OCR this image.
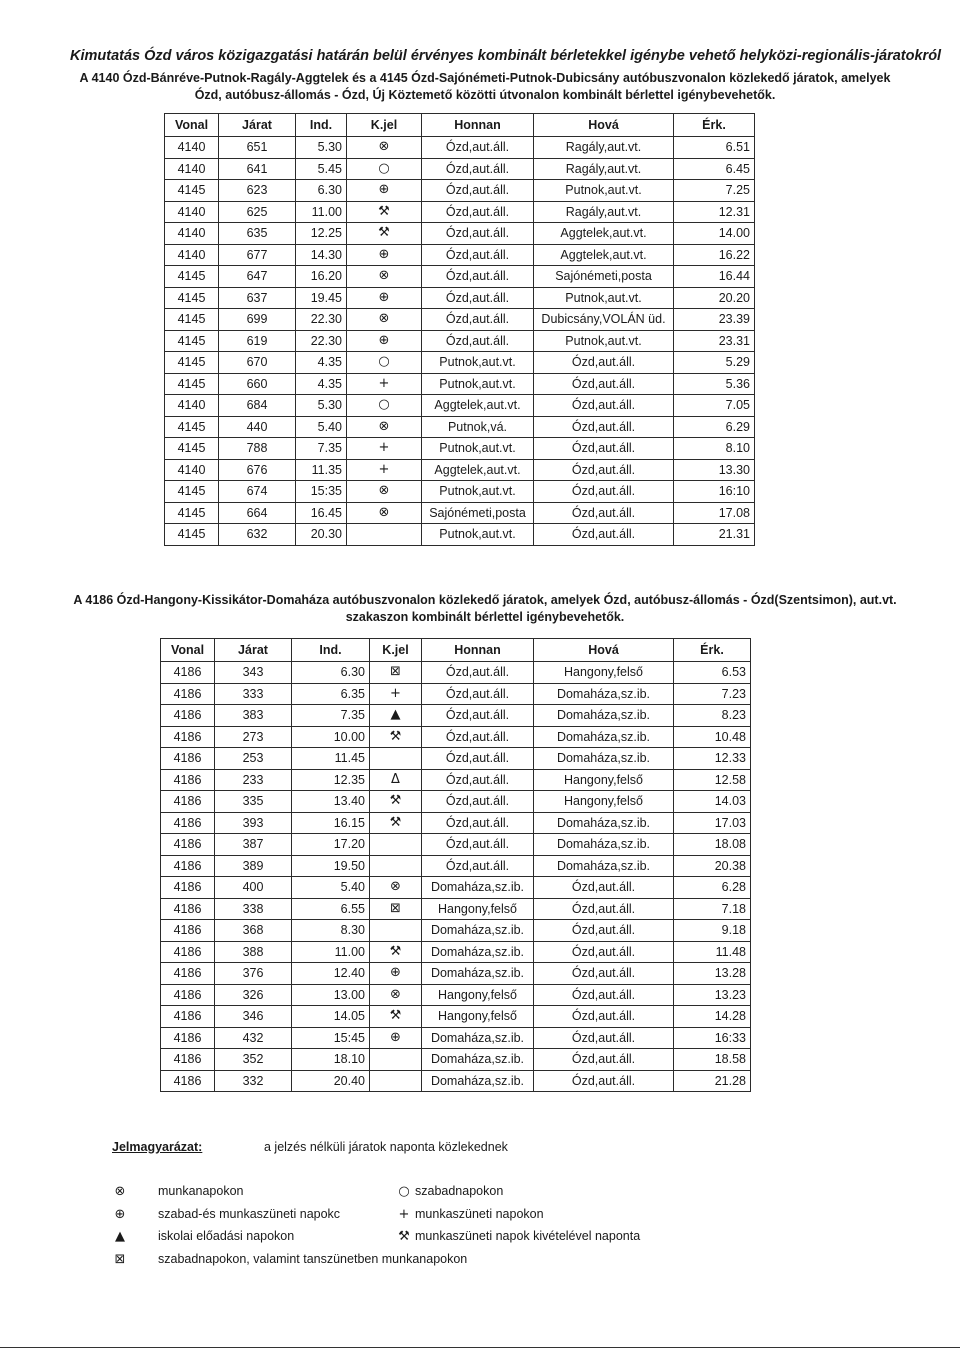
Kimutatás Ózd város közigazgatási határán belül érvényes kombinált bérletekkel igénybe vehető helyközi-regionális-járatokról
A 4140 Ózd-Bánréve-Putnok-Ragály-Aggtelek és a 4145 Ózd-Sajónémeti-Putnok-Dubicsány autóbuszvonalon közlekedő járatok, amelyek Ózd, autóbusz-állomás - Ózd, Új Köztemető közötti útvonalon kombinált bérlettel igénybevehetők.
Vonal	Járat	Ind.	K.jel	Honnan	Hová	Érk.
4140	651	5.30	⊗	Ózd,aut.áll.	Ragály,aut.vt.	6.51
4140	641	5.45	○	Ózd,aut.áll.	Ragály,aut.vt.	6.45
4145	623	6.30	⊕	Ózd,aut.áll.	Putnok,aut.vt.	7.25
4140	625	11.00	⚒	Ózd,aut.áll.	Ragály,aut.vt.	12.31
4140	635	12.25	⚒	Ózd,aut.áll.	Aggtelek,aut.vt.	14.00
4140	677	14.30	⊕	Ózd,aut.áll.	Aggtelek,aut.vt.	16.22
4145	647	16.20	⊗	Ózd,aut.áll.	Sajónémeti,posta	16.44
4145	637	19.45	⊕	Ózd,aut.áll.	Putnok,aut.vt.	20.20
4145	699	22.30	⊗	Ózd,aut.áll.	Dubicsány,VOLÁN üd.	23.39
4145	619	22.30	⊕	Ózd,aut.áll.	Putnok,aut.vt.	23.31
4145	670	4.35	○	Putnok,aut.vt.	Ózd,aut.áll.	5.29
4145	660	4.35	+	Putnok,aut.vt.	Ózd,aut.áll.	5.36
4140	684	5.30	○	Aggtelek,aut.vt.	Ózd,aut.áll.	7.05
4145	440	5.40	⊗	Putnok,vá.	Ózd,aut.áll.	6.29
4145	788	7.35	+	Putnok,aut.vt.	Ózd,aut.áll.	8.10
4140	676	11.35	+	Aggtelek,aut.vt.	Ózd,aut.áll.	13.30
4145	674	15:35	⊗	Putnok,aut.vt.	Ózd,aut.áll.	16:10
4145	664	16.45	⊗	Sajónémeti,posta	Ózd,aut.áll.	17.08
4145	632	20.30		Putnok,aut.vt.	Ózd,aut.áll.	21.31
A 4186 Ózd-Hangony-Kissikátor-Domaháza autóbuszvonalon közlekedő járatok, amelyek Ózd, autóbusz-állomás - Ózd(Szentsimon), aut.vt. szakaszon kombinált bérlettel igénybevehetők.
Vonal	Járat	Ind.	K.jel	Honnan	Hová	Érk.
4186	343	6.30	⊠	Ózd,aut.áll.	Hangony,felső	6.53
4186	333	6.35	+	Ózd,aut.áll.	Domaháza,sz.ib.	7.23
4186	383	7.35	▲	Ózd,aut.áll.	Domaháza,sz.ib.	8.23
4186	273	10.00	⚒	Ózd,aut.áll.	Domaháza,sz.ib.	10.48
4186	253	11.45		Ózd,aut.áll.	Domaháza,sz.ib.	12.33
4186	233	12.35	Δ	Ózd,aut.áll.	Hangony,felső	12.58
4186	335	13.40	⚒	Ózd,aut.áll.	Hangony,felső	14.03
4186	393	16.15	⚒	Ózd,aut.áll.	Domaháza,sz.ib.	17.03
4186	387	17.20		Ózd,aut.áll.	Domaháza,sz.ib.	18.08
4186	389	19.50		Ózd,aut.áll.	Domaháza,sz.ib.	20.38
4186	400	5.40	⊗	Domaháza,sz.ib.	Ózd,aut.áll.	6.28
4186	338	6.55	⊠	Hangony,felső	Ózd,aut.áll.	7.18
4186	368	8.30		Domaháza,sz.ib.	Ózd,aut.áll.	9.18
4186	388	11.00	⚒	Domaháza,sz.ib.	Ózd,aut.áll.	11.48
4186	376	12.40	⊕	Domaháza,sz.ib.	Ózd,aut.áll.	13.28
4186	326	13.00	⊗	Hangony,felső	Ózd,aut.áll.	13.23
4186	346	14.05	⚒	Hangony,felső	Ózd,aut.áll.	14.28
4186	432	15:45	⊕	Domaháza,sz.ib.	Ózd,aut.áll.	16:33
4186	352	18.10		Domaháza,sz.ib.	Ózd,aut.áll.	18.58
4186	332	20.40		Domaháza,sz.ib.	Ózd,aut.áll.	21.28
Jelmagyarázat:	a jelzés nélküli járatok naponta közlekednek
⊗	munkanapokon	○ szabadnapokon
⊕	szabad-és munkaszüneti napokc	+ munkaszüneti napokon
▲	iskolai előadási napokon	⚒ munkaszüneti napok kivételével naponta
⊠	szabadnapokon, valamint tanszünetben munkanapokon
